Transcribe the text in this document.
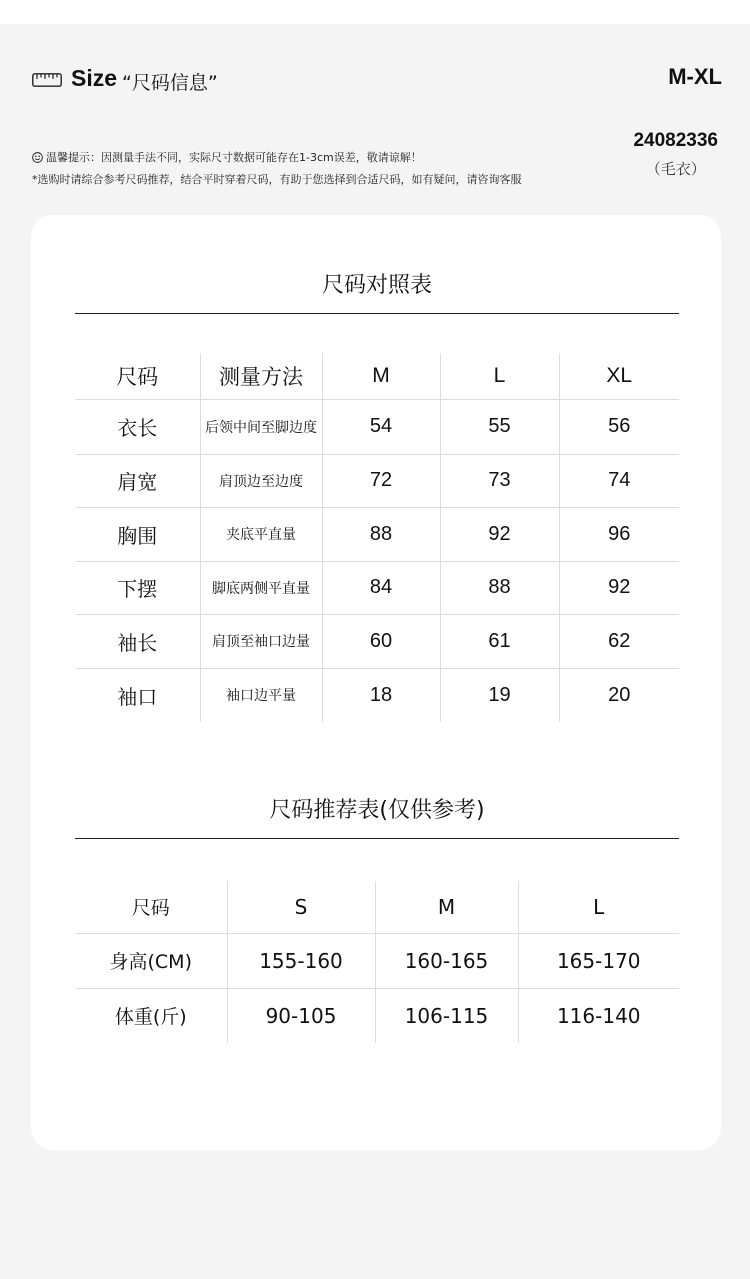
Size “尺码信息”	M-XL
温馨提示：因测量手法不同，实际尺寸数据可能存在1-3cm误差，敬请谅解！
*选购时请综合参考尺码推荐，结合平时穿着尺码，有助于您选择到合适尺码，如有疑问，请咨询客服
24082336
（毛衣）
尺码对照表
尺码	测量方法	M	L	XL
衣长	后领中间至脚边度	54	55	56
肩宽	肩顶边至边度	72	73	74
胸围	夹底平直量	88	92	96
下摆	脚底两侧平直量	84	88	92
袖长	肩顶至袖口边量	60	61	62
袖口	袖口边平量	18	19	20
尺码推荐表(仅供参考)
尺码	S	M	L
身高(CM)	155-160	160-165	165-170
体重(斤)	90-105	106-115	116-140
